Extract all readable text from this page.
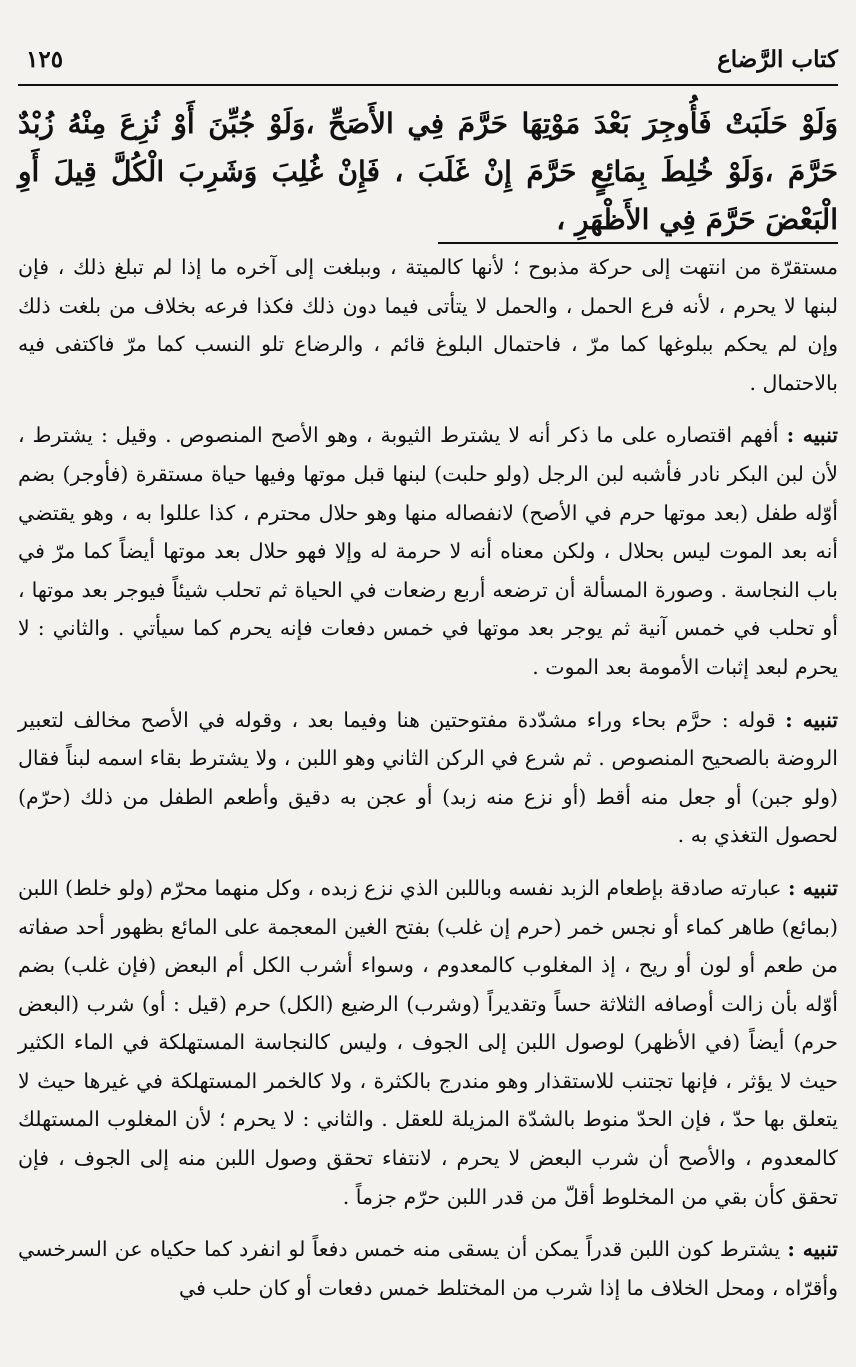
كتاب الرَّضاع
١٢٥
وَلَوْ حَلَبَتْ فَأُوجِرَ بَعْدَ مَوْتِهَا حَرَّمَ فِي الأَصَحِّ ،وَلَوْ جُبِّنَ أَوْ نُزِعَ مِنْهُ زُبْدٌ حَرَّمَ ،وَلَوْ خُلِطَ بِمَائِعٍ حَرَّمَ إِنْ غَلَبَ ، فَإِنْ غُلِبَ وَشَرِبَ الْكُلَّ قِيلَ أَوِ الْبَعْضَ حَرَّمَ فِي الأَظْهَرِ ،

مستقرّة من انتهت إلى حركة مذبوح ؛ لأنها كالميتة ، وببلغت إلى آخره ما إذا لم تبلغ ذلك ، فإن لبنها لا يحرم ، لأنه فرع الحمل ، والحمل لا يتأتى فيما دون ذلك فكذا فرعه بخلاف من بلغت ذلك وإن لم يحكم ببلوغها كما مرّ ، فاحتمال البلوغ قائم ، والرضاع تلو النسب كما مرّ فاكتفى فيه بالاحتمال .

تنبيه : أفهم اقتصاره على ما ذكر أنه لا يشترط الثيوبة ، وهو الأصح المنصوص . وقيل : يشترط ، لأن لبن البكر نادر فأشبه لبن الرجل (ولو حلبت) لبنها قبل موتها وفيها حياة مستقرة (فأوجر) بضم أوّله طفل (بعد موتها حرم في الأصح) لانفصاله منها وهو حلال محترم ، كذا عللوا به ، وهو يقتضي أنه بعد الموت ليس بحلال ، ولكن معناه أنه لا حرمة له وإلا فهو حلال بعد موتها أيضاً كما مرّ في باب النجاسة . وصورة المسألة أن ترضعه أربع رضعات في الحياة ثم تحلب شيئاً فيوجر بعد موتها ، أو تحلب في خمس آنية ثم يوجر بعد موتها في خمس دفعات فإنه يحرم كما سيأتي . والثاني : لا يحرم لبعد إثبات الأمومة بعد الموت .

تنبيه : قوله : حرَّم بحاء وراء مشدّدة مفتوحتين هنا وفيما بعد ، وقوله في الأصح مخالف لتعبير الروضة بالصحيح المنصوص . ثم شرع في الركن الثاني وهو اللبن ، ولا يشترط بقاء اسمه لبناً فقال (ولو جبن) أو جعل منه أقط (أو نزع منه زبد) أو عجن به دقيق وأطعم الطفل من ذلك (حرّم) لحصول التغذي به .

تنبيه : عبارته صادقة بإطعام الزبد نفسه وباللبن الذي نزع زبده ، وكل منهما محرّم (ولو خلط) اللبن (بمائع) طاهر كماء أو نجس خمر (حرم إن غلب) بفتح الغين المعجمة على المائع بظهور أحد صفاته من طعم أو لون أو ريح ، إذ المغلوب كالمعدوم ، وسواء أشرب الكل أم البعض (فإن غلب) بضم أوّله بأن زالت أوصافه الثلاثة حساً وتقديراً (وشرب) الرضيع (الكل) حرم (قيل : أو) شرب (البعض حرم) أيضاً (في الأظهر) لوصول اللبن إلى الجوف ، وليس كالنجاسة المستهلكة في الماء الكثير حيث لا يؤثر ، فإنها تجتنب للاستقذار وهو مندرج بالكثرة ، ولا كالخمر المستهلكة في غيرها حيث لا يتعلق بها حدّ ، فإن الحدّ منوط بالشدّة المزيلة للعقل . والثاني : لا يحرم ؛ لأن المغلوب المستهلك كالمعدوم ، والأصح أن شرب البعض لا يحرم ، لانتفاء تحقق وصول اللبن منه إلى الجوف ، فإن تحقق كأن بقي من المخلوط أقلّ من قدر اللبن حرّم جزماً .

تنبيه : يشترط كون اللبن قدراً يمكن أن يسقى منه خمس دفعاً لو انفرد كما حكياه عن السرخسي وأقرّاه ، ومحل الخلاف ما إذا شرب من المختلط خمس دفعات أو كان حلب في
